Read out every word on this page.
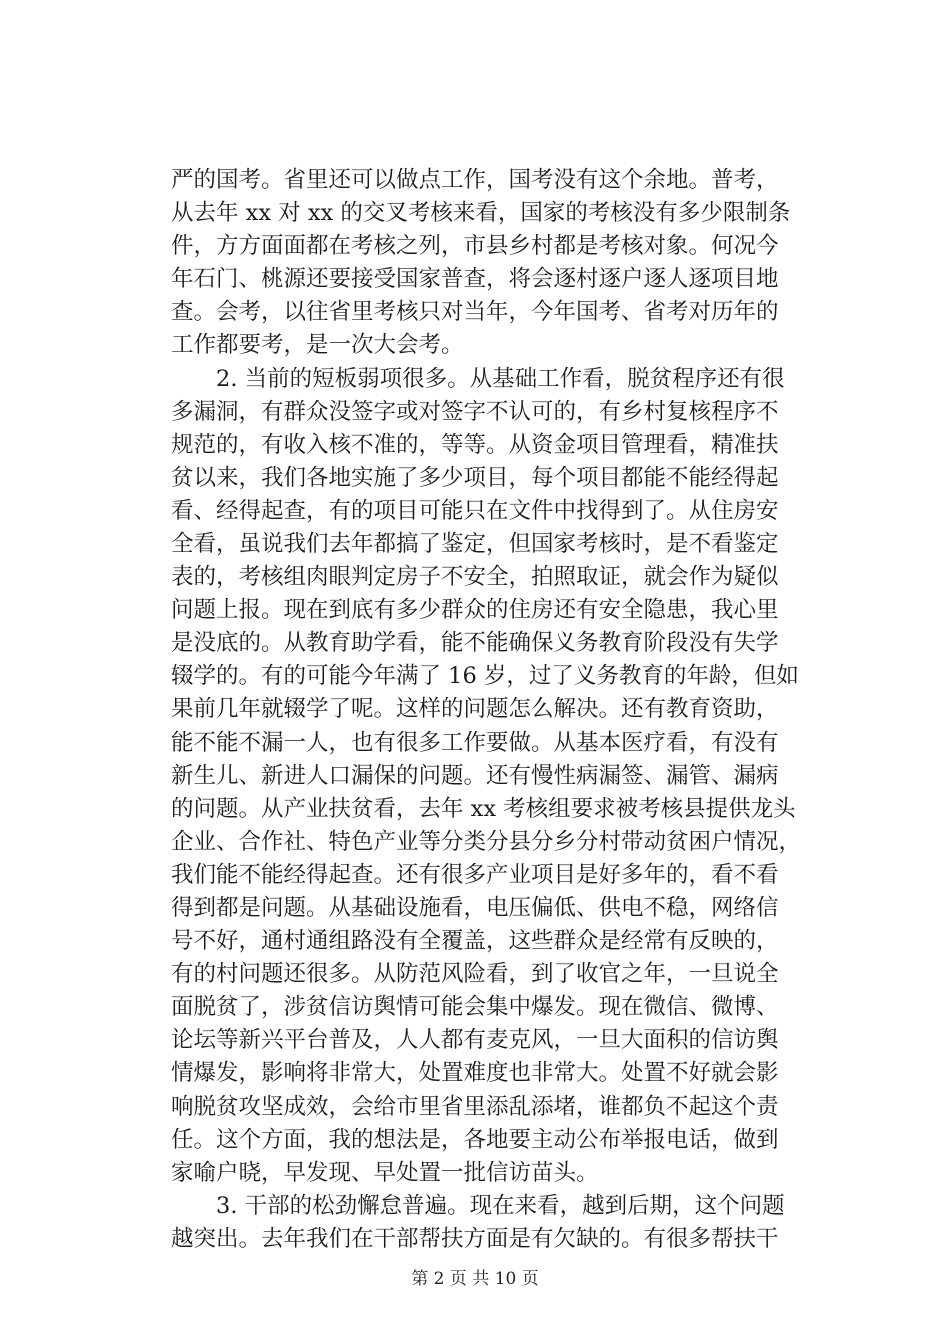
严的国考。省里还可以做点工作，国考没有这个余地。普考，
从去年 xx 对 xx 的交叉考核来看，国家的考核没有多少限制条
件，方方面面都在考核之列，市县乡村都是考核对象。何况今
年石门、桃源还要接受国家普查，将会逐村逐户逐人逐项目地
查。会考，以往省里考核只对当年，今年国考、省考对历年的
工作都要考，是一次大会考。
　　2. 当前的短板弱项很多。从基础工作看，脱贫程序还有很
多漏洞，有群众没签字或对签字不认可的，有乡村复核程序不
规范的，有收入核不准的，等等。从资金项目管理看，精准扶
贫以来，我们各地实施了多少项目，每个项目都能不能经得起
看、经得起查，有的项目可能只在文件中找得到了。从住房安
全看，虽说我们去年都搞了鉴定，但国家考核时，是不看鉴定
表的，考核组肉眼判定房子不安全，拍照取证，就会作为疑似
问题上报。现在到底有多少群众的住房还有安全隐患，我心里
是没底的。从教育助学看，能不能确保义务教育阶段没有失学
辍学的。有的可能今年满了 16 岁，过了义务教育的年龄，但如
果前几年就辍学了呢。这样的问题怎么解决。还有教育资助，
能不能不漏一人，也有很多工作要做。从基本医疗看，有没有
新生儿、新进人口漏保的问题。还有慢性病漏签、漏管、漏病
的问题。从产业扶贫看，去年 xx 考核组要求被考核县提供龙头
企业、合作社、特色产业等分类分县分乡分村带动贫困户情况，
我们能不能经得起查。还有很多产业项目是好多年的，看不看
得到都是问题。从基础设施看，电压偏低、供电不稳，网络信
号不好，通村通组路没有全覆盖，这些群众是经常有反映的，
有的村问题还很多。从防范风险看，到了收官之年，一旦说全
面脱贫了，涉贫信访舆情可能会集中爆发。现在微信、微博、
论坛等新兴平台普及，人人都有麦克风，一旦大面积的信访舆
情爆发，影响将非常大，处置难度也非常大。处置不好就会影
响脱贫攻坚成效，会给市里省里添乱添堵，谁都负不起这个责
任。这个方面，我的想法是，各地要主动公布举报电话，做到
家喻户晓，早发现、早处置一批信访苗头。
　　3. 干部的松劲懈怠普遍。现在来看，越到后期，这个问题
越突出。去年我们在干部帮扶方面是有欠缺的。有很多帮扶干
第 2 页 共 10 页
